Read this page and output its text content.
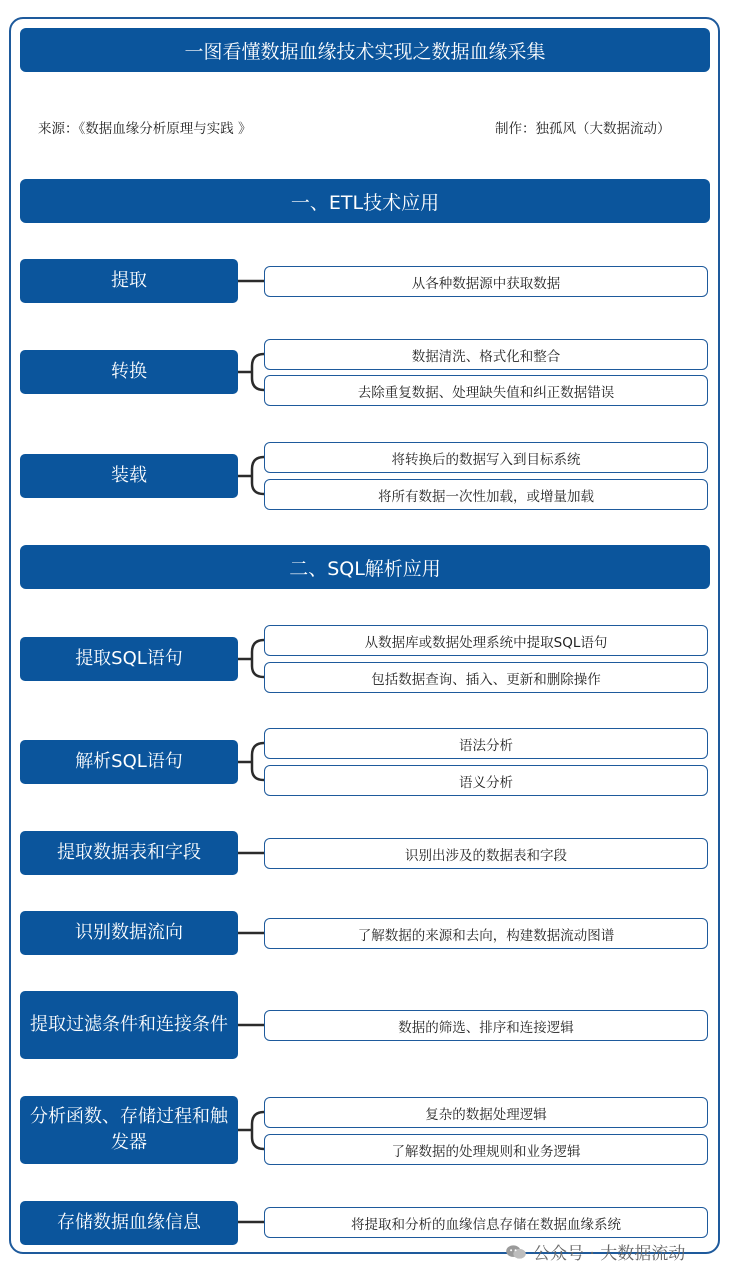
一图看懂数据血缘技术实现之数据血缘采集
来源：《数据血缘分析原理与实践 》	制作：独孤风（大数据流动）
一、ETL技术应用
二、SQL解析应用
提取	从各种数据源中获取数据
转换
数据清洗、格式化和整合
去除重复数据、处理缺失值和纠正数据错误
装载
将转换后的数据写入到目标系统
将所有数据一次性加载，或增量加载
提取SQL语句
从数据库或数据处理系统中提取SQL语句
包括数据查询、插入、更新和删除操作
解析SQL语句
语法分析
语义分析
提取数据表和字段	识别出涉及的数据表和字段
识别数据流向	了解数据的来源和去向，构建数据流动图谱
提取过滤条件和连接条件	数据的筛选、排序和连接逻辑
分析函数、存储过程和触发器
复杂的数据处理逻辑
了解数据的处理规则和业务逻辑
存储数据血缘信息	将提取和分析的血缘信息存储在数据血缘系统
公众号 · 大数据流动
